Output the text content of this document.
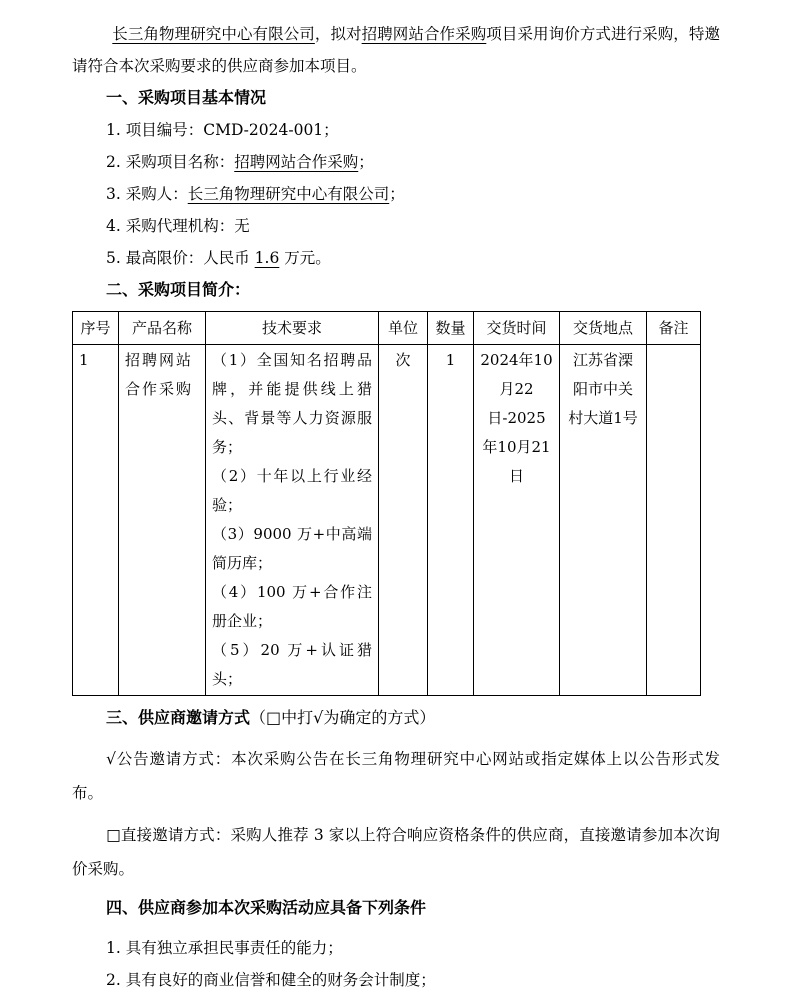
长三角物理研究中心有限公司，拟对招聘网站合作采购项目采用询价方式进行采购，特邀请符合本次采购要求的供应商参加本项目。

一、采购项目基本情况
1. 项目编号：CMD-2024-001；
2. 采购项目名称：招聘网站合作采购；
3. 采购人：长三角物理研究中心有限公司；
4. 采购代理机构：无
5. 最高限价：人民币 1.6 万元。
二、采购项目简介：
序号	产品名称	技术要求	单位	数量	交货时间	交货地点	备注
1	招聘网站合作采购	（1）全国知名招聘品牌，并能提供线上猎头、背景等人力资源服务；
（2）十年以上行业经验；
（3）9000 万+中高端简历库；
（4）100 万+合作注册企业；
（5）20 万+认证猎头；	次	1	2024年10月22日-2025年10月21日	江苏省溧阳市中关村大道1号	
三、供应商邀请方式（□中打√为确定的方式）

√公告邀请方式：本次采购公告在长三角物理研究中心网站或指定媒体上以公告形式发布。

□直接邀请方式：采购人推荐 3 家以上符合响应资格条件的供应商，直接邀请参加本次询价采购。

四、供应商参加本次采购活动应具备下列条件
1. 具有独立承担民事责任的能力；
2. 具有良好的商业信誉和健全的财务会计制度；
